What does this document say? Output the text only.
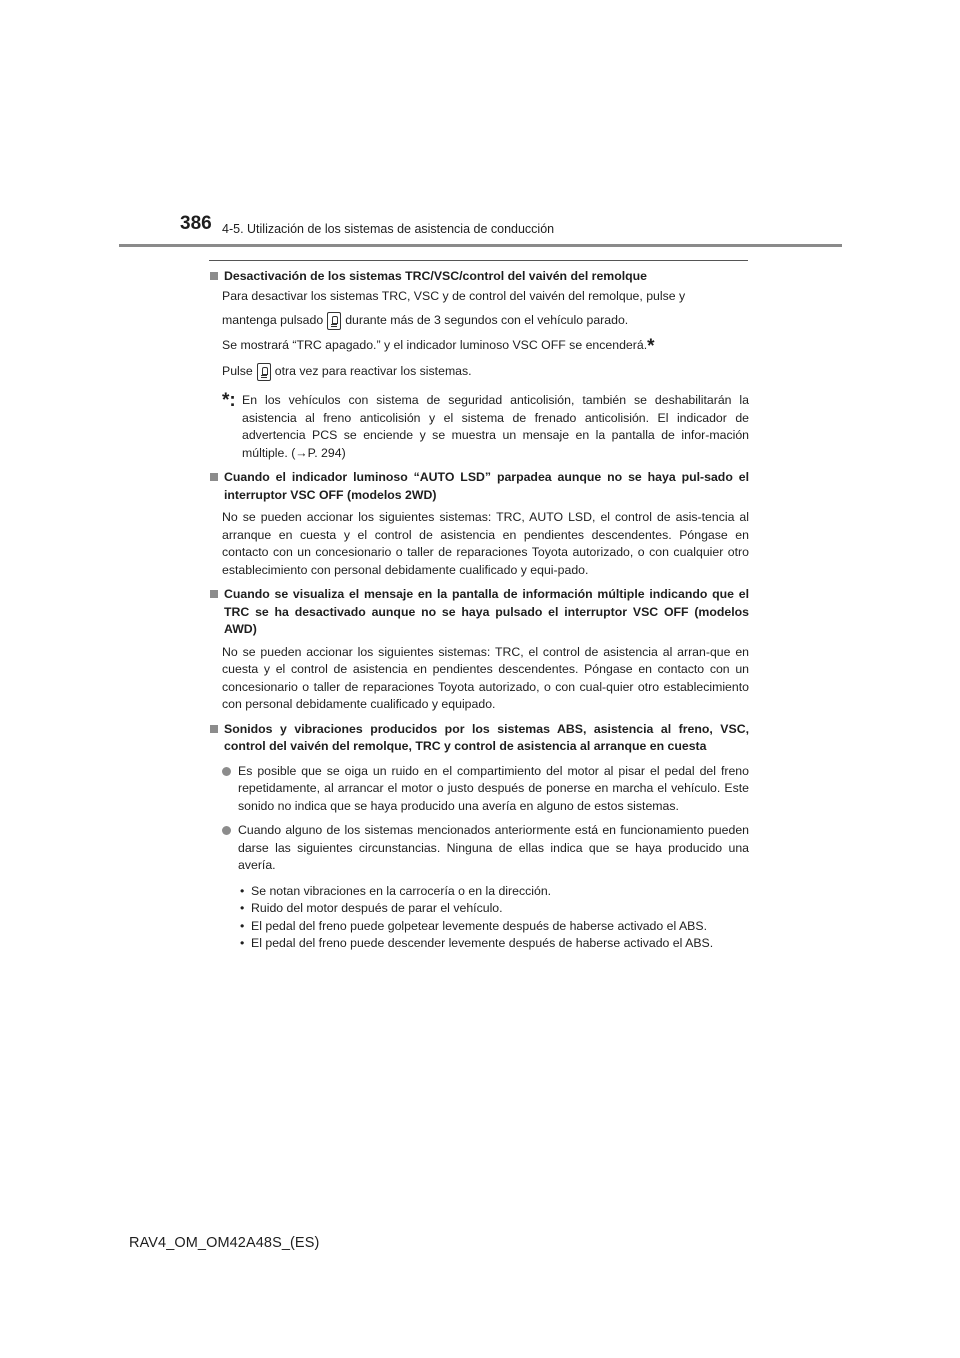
386 4-5. Utilización de los sistemas de asistencia de conducción
Desactivación de los sistemas TRC/VSC/control del vaivén del remolque
Para desactivar los sistemas TRC, VSC y de control del vaivén del remolque, pulse y
mantenga pulsado durante más de 3 segundos con el vehículo parado.
Se mostrará “TRC apagado.” y el indicador luminoso VSC OFF se encenderá.*
Pulse otra vez para reactivar los sistemas.
*: En los vehículos con sistema de seguridad anticolisión, también se deshabilitarán la asistencia al freno anticolisión y el sistema de frenado anticolisión. El indicador de advertencia PCS se enciende y se muestra un mensaje en la pantalla de infor-mación múltiple. (→P. 294)
Cuando el indicador luminoso “AUTO LSD” parpadea aunque no se haya pul-sado el interruptor VSC OFF (modelos 2WD)
No se pueden accionar los siguientes sistemas: TRC, AUTO LSD, el control de asis-tencia al arranque en cuesta y el control de asistencia en pendientes descendentes. Póngase en contacto con un concesionario o taller de reparaciones Toyota autorizado, o con cualquier otro establecimiento con personal debidamente cualificado y equi-pado.
Cuando se visualiza el mensaje en la pantalla de información múltiple indicando que el TRC se ha desactivado aunque no se haya pulsado el interruptor VSC OFF (modelos AWD)
No se pueden accionar los siguientes sistemas: TRC, el control de asistencia al arran-que en cuesta y el control de asistencia en pendientes descendentes. Póngase en contacto con un concesionario o taller de reparaciones Toyota autorizado, o con cual-quier otro establecimiento con personal debidamente cualificado y equipado.
Sonidos y vibraciones producidos por los sistemas ABS, asistencia al freno, VSC, control del vaivén del remolque, TRC y control de asistencia al arranque en cuesta
Es posible que se oiga un ruido en el compartimiento del motor al pisar el pedal del freno repetidamente, al arrancar el motor o justo después de ponerse en marcha el vehículo. Este sonido no indica que se haya producido una avería en alguno de estos sistemas.
Cuando alguno de los sistemas mencionados anteriormente está en funcionamiento pueden darse las siguientes circunstancias. Ninguna de ellas indica que se haya producido una avería.
• Se notan vibraciones en la carrocería o en la dirección.
• Ruido del motor después de parar el vehículo.
• El pedal del freno puede golpetear levemente después de haberse activado el ABS.
• El pedal del freno puede descender levemente después de haberse activado el ABS.
RAV4_OM_OM42A48S_(ES)
